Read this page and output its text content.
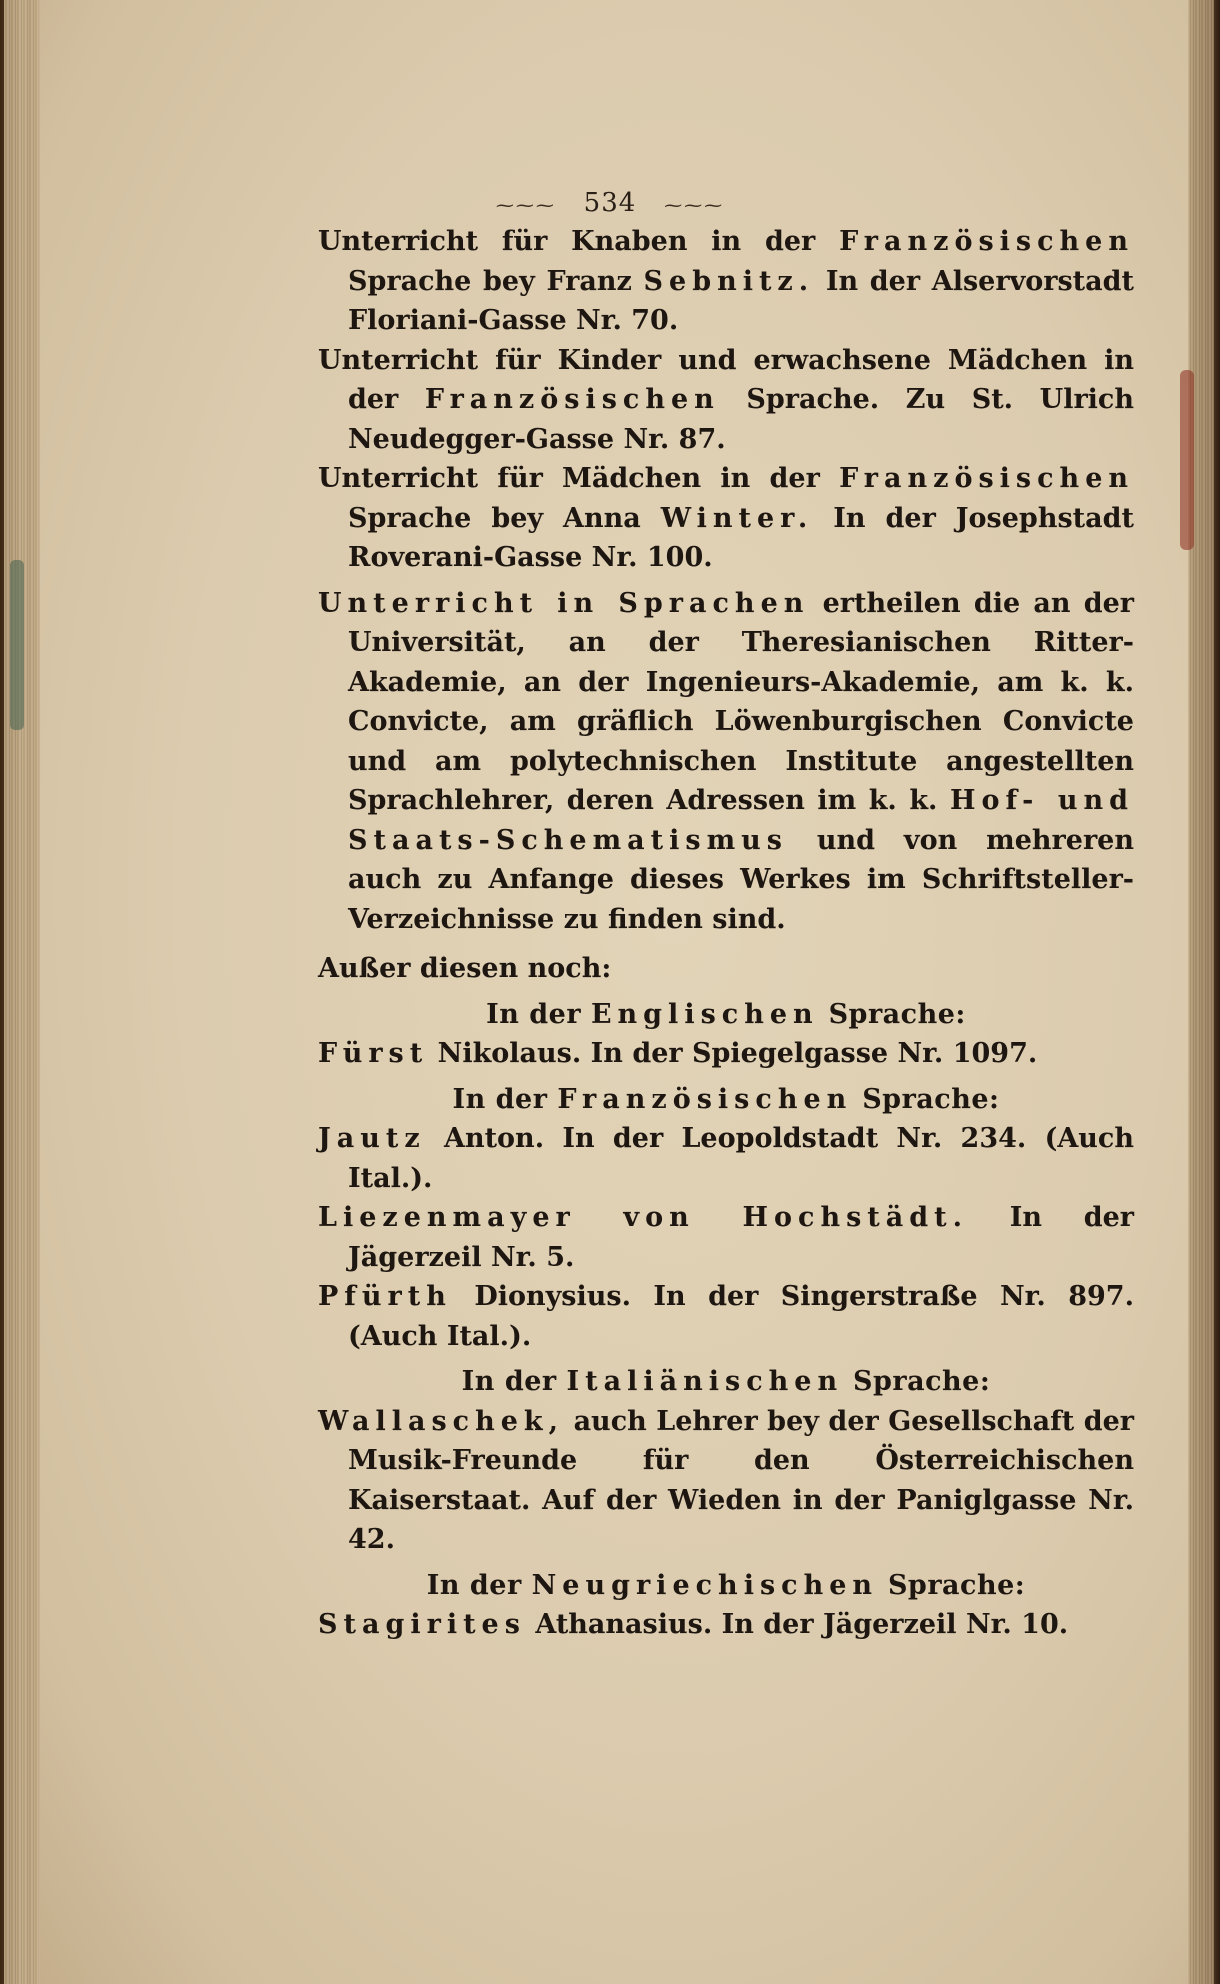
⁓⁓⁓ 534 ⁓⁓⁓

Unterricht für Knaben in der Französischen Sprache bey Franz Sebnitz. In der Alservorstadt Floriani-Gasse Nr. 70.

Unterricht für Kinder und erwachsene Mädchen in der Französischen Sprache. Zu St. Ulrich Neudegger-Gasse Nr. 87.

Unterricht für Mädchen in der Französischen Sprache bey Anna Winter. In der Josephstadt Roverani-Gasse Nr. 100.

Unterricht in Sprachen ertheilen die an der Universität, an der Theresianischen Ritter-Akademie, an der Ingenieurs-Akademie, am k. k. Convicte, am gräflich Löwenburgischen Convicte und am polytechnischen Institute angestellten Sprachlehrer, deren Adressen im k. k. Hof- und Staats-Schematismus und von mehreren auch zu Anfange dieses Werkes im Schriftsteller-Verzeichnisse zu finden sind.

Außer diesen noch:

In der Englischen Sprache:

Fürst Nikolaus. In der Spiegelgasse Nr. 1097.

In der Französischen Sprache:

Jautz Anton. In der Leopoldstadt Nr. 234. (Auch Ital.).

Liezenmayer von Hochstädt. In der Jägerzeil Nr. 5.

Pfürth Dionysius. In der Singerstraße Nr. 897. (Auch Ital.).

In der Italiänischen Sprache:

Wallaschek, auch Lehrer bey der Gesellschaft der Musik-Freunde für den Österreichischen Kaiserstaat. Auf der Wieden in der Paniglgasse Nr. 42.

In der Neugriechischen Sprache:

Stagirites Athanasius. In der Jägerzeil Nr. 10.
